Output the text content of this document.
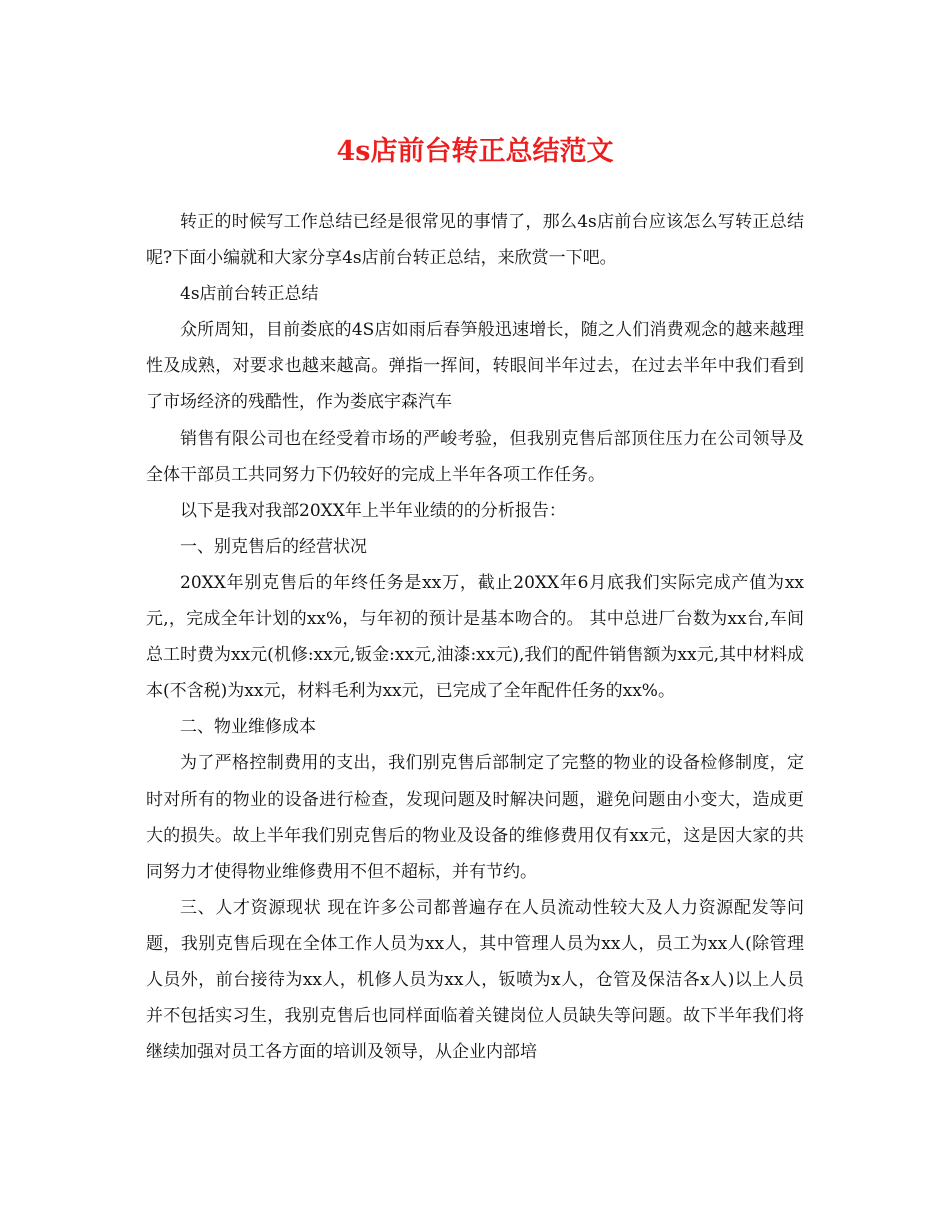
4s店前台转正总结范文

转正的时候写工作总结已经是很常见的事情了，那么4s店前台应该怎么写转正总结呢?下面小编就和大家分享4s店前台转正总结，来欣赏一下吧。

4s店前台转正总结

众所周知，目前娄底的4S店如雨后春笋般迅速增长，随之人们消费观念的越来越理性及成熟，对要求也越来越高。弹指一挥间，转眼间半年过去，在过去半年中我们看到了市场经济的残酷性，作为娄底宇森汽车

销售有限公司也在经受着市场的严峻考验，但我别克售后部顶住压力在公司领导及全体干部员工共同努力下仍较好的完成上半年各项工作任务。

以下是我对我部20XX年上半年业绩的的分析报告：

一、别克售后的经营状况

20XX年别克售后的年终任务是xx万，截止20XX年6月底我们实际完成产值为xx元,，完成全年计划的xx%，与年初的预计是基本吻合的。 其中总进厂台数为xx台,车间总工时费为xx元(机修:xx元,钣金:xx元,油漆:xx元),我们的配件销售额为xx元,其中材料成本(不含税)为xx元，材料毛利为xx元，已完成了全年配件任务的xx%。

二、物业维修成本

为了严格控制费用的支出，我们别克售后部制定了完整的物业的设备检修制度，定时对所有的物业的设备进行检查，发现问题及时解决问题，避免问题由小变大，造成更大的损失。故上半年我们别克售后的物业及设备的维修费用仅有xx元，这是因大家的共同努力才使得物业维修费用不但不超标，并有节约。

三、人才资源现状 现在许多公司都普遍存在人员流动性较大及人力资源配发等问题，我别克售后现在全体工作人员为xx人，其中管理人员为xx人，员工为xx人(除管理人员外，前台接待为xx人，机修人员为xx人，钣喷为x人，仓管及保洁各x人)以上人员并不包括实习生，我别克售后也同样面临着关键岗位人员缺失等问题。故下半年我们将继续加强对员工各方面的培训及领导，从企业内部培
